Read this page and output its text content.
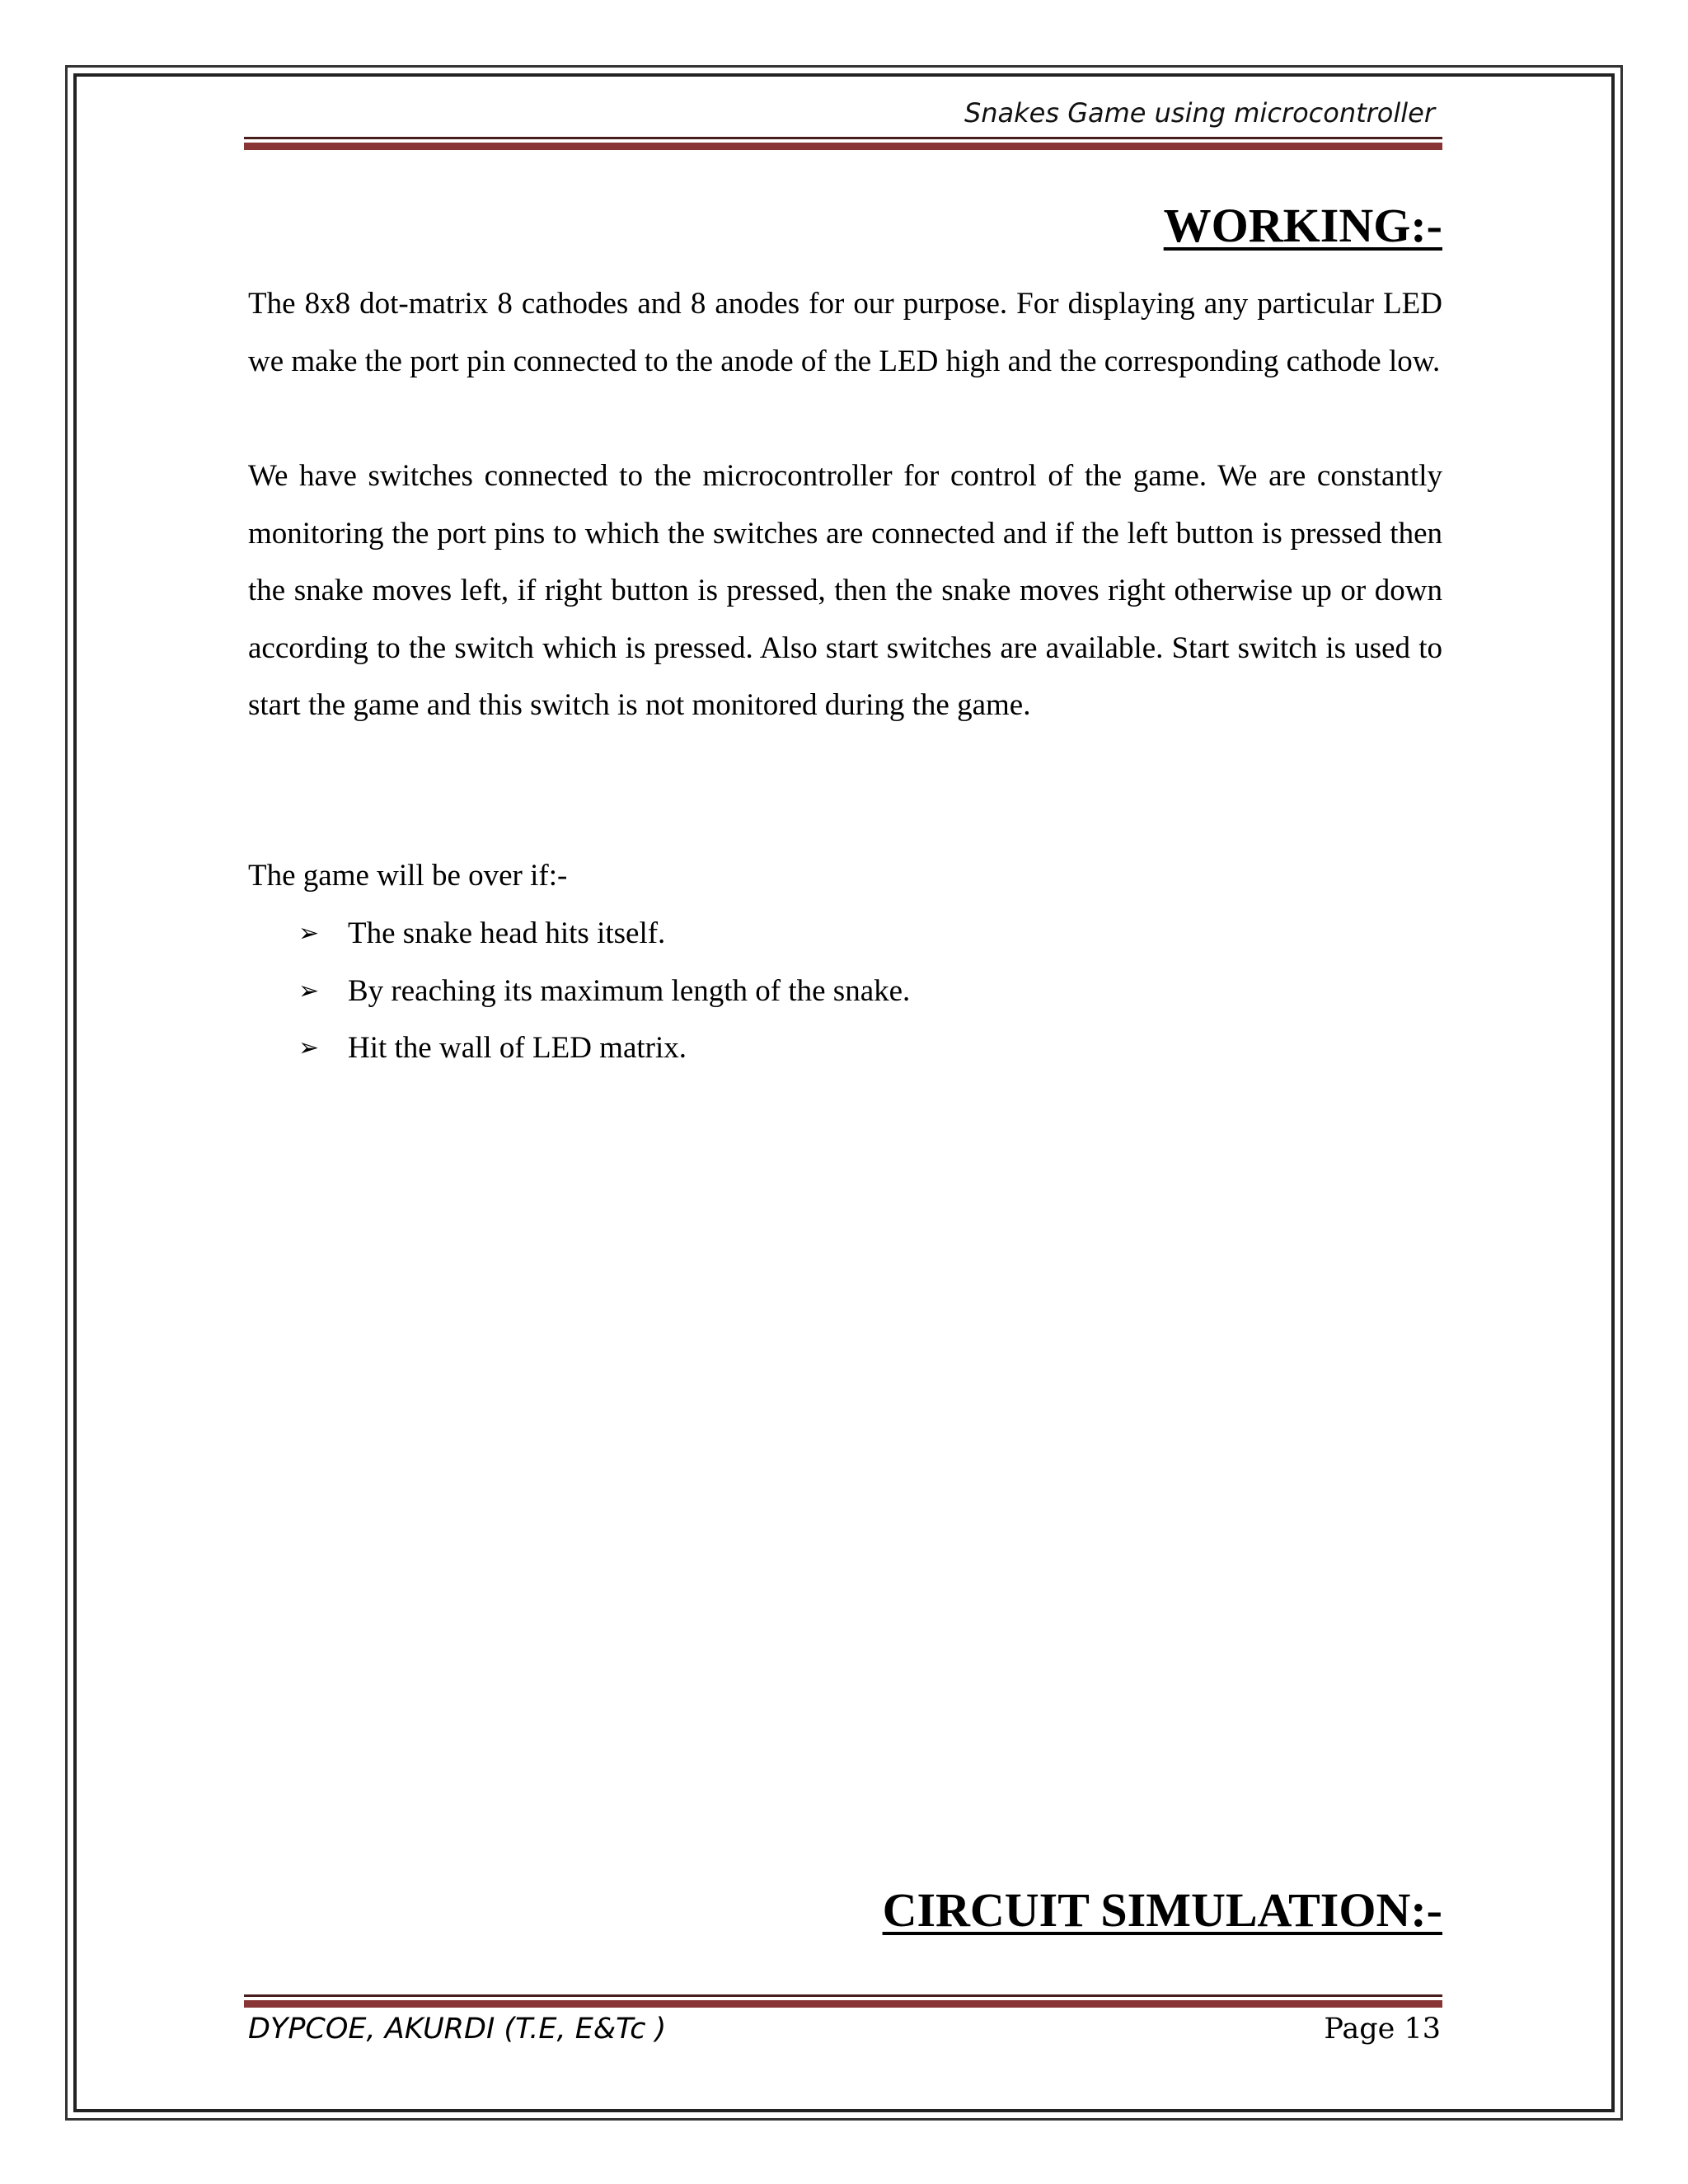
Snakes Game using microcontroller
WORKING:-

The 8x8 dot-matrix 8 cathodes and 8 anodes for our purpose. For displaying any particular LED we make the port pin connected to the anode of the LED high and the corresponding cathode low.

We have switches connected to the microcontroller for control of the game. We are constantly monitoring the port pins to which the switches are connected and if the left button is pressed then the snake moves left, if right button is pressed, then the snake moves right otherwise up or down according to the switch which is pressed. Also start switches are available. Start switch is used to start the game and this switch is not monitored during the game.

The game will be over if:-

➢ The snake head hits itself.
➢ By reaching its maximum length of the snake.
➢ Hit the wall of LED matrix.
CIRCUIT SIMULATION:-
DYPCOE, AKURDI (T.E, E&Tc )	Page 13
